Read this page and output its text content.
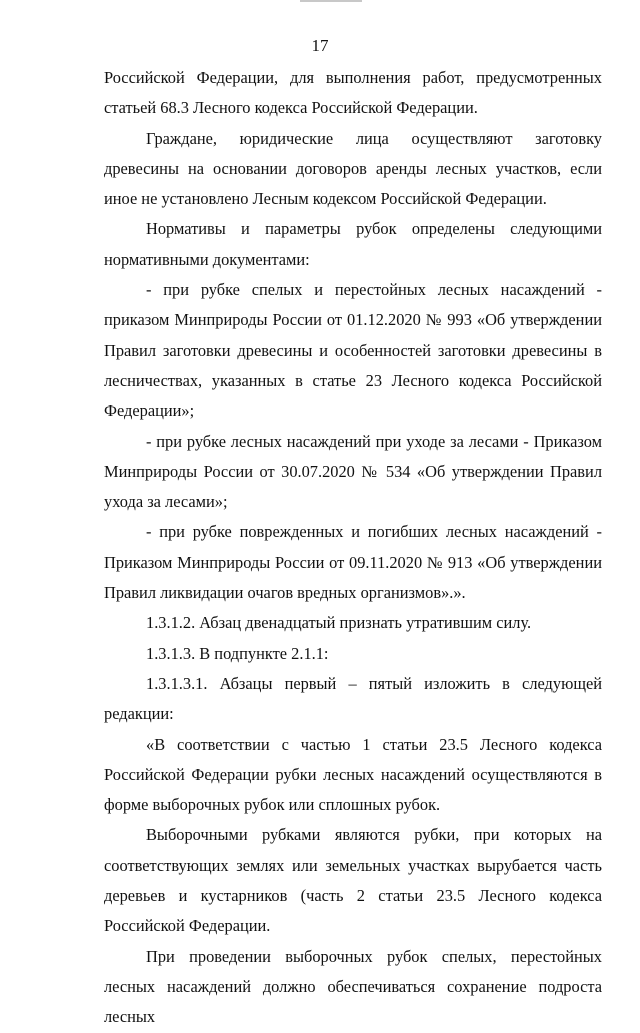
17

Российской Федерации, для выполнения работ, предусмотренных статьей 68.3 Лесного кодекса Российской Федерации.

Граждане, юридические лица осуществляют заготовку древесины на основании договоров аренды лесных участков, если иное не установлено Лесным кодексом Российской Федерации.

Нормативы и параметры рубок определены следующими нормативными документами:

- при рубке спелых и перестойных лесных насаждений - приказом Минприроды России от 01.12.2020 № 993 «Об утверждении Правил заготовки древесины и особенностей заготовки древесины в лесничествах, указанных в статье 23 Лесного кодекса Российской Федерации»;

- при рубке лесных насаждений при уходе за лесами - Приказом Минприроды России от 30.07.2020 № 534 «Об утверждении Правил ухода за лесами»;

- при рубке поврежденных и погибших лесных насаждений - Приказом Минприроды России от 09.11.2020 № 913 «Об утверждении Правил ликвидации очагов вредных организмов».».

1.3.1.2. Абзац двенадцатый признать утратившим силу.

1.3.1.3. В подпункте 2.1.1:

1.3.1.3.1. Абзацы первый – пятый изложить в следующей редакции:

«В соответствии с частью 1 статьи 23.5 Лесного кодекса Российской Федерации рубки лесных насаждений осуществляются в форме выборочных рубок или сплошных рубок.

Выборочными рубками являются рубки, при которых на соответствующих землях или земельных участках вырубается часть деревьев и кустарников (часть 2 статьи 23.5 Лесного кодекса Российской Федерации.

При проведении выборочных рубок спелых, перестойных лесных насаждений должно обеспечиваться сохранение подроста лесных
